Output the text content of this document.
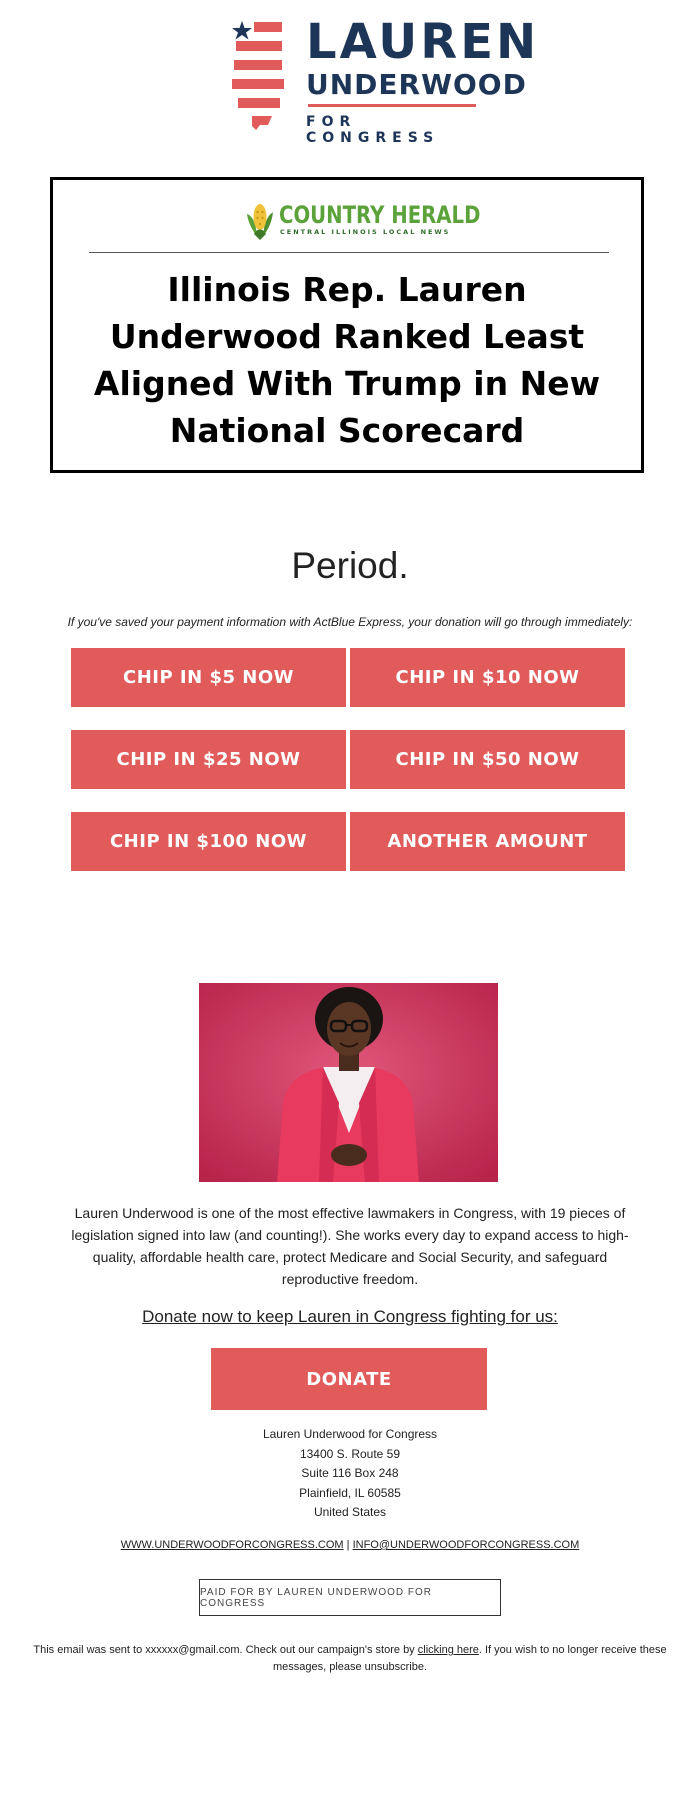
LAUREN
UNDERWOOD
FOR CONGRESS
COUNTRY HERALD
CENTRAL ILLINOIS LOCAL NEWS
Illinois Rep. Lauren Underwood Ranked Least Aligned With Trump in New National Scorecard
Period.
If you've saved your payment information with ActBlue Express, your donation will go through immediately:
CHIP IN $5 NOW	CHIP IN $10 NOW
CHIP IN $25 NOW	CHIP IN $50 NOW
CHIP IN $100 NOW	ANOTHER AMOUNT
Lauren Underwood is one of the most effective lawmakers in Congress, with 19 pieces of legislation signed into law (and counting!). She works every day to expand access to high-quality, affordable health care, protect Medicare and Social Security, and safeguard reproductive freedom.
Donate now to keep Lauren in Congress fighting for us:
DONATE
Lauren Underwood for Congress
13400 S. Route 59
Suite 116 Box 248
Plainfield, IL 60585
United States
WWW.UNDERWOODFORCONGRESS.COM | INFO@UNDERWOODFORCONGRESS.COM
PAID FOR BY LAUREN UNDERWOOD FOR CONGRESS
This email was sent to xxxxxx@gmail.com. Check out our campaign's store by clicking here. If you wish to no longer receive these messages, please unsubscribe.
